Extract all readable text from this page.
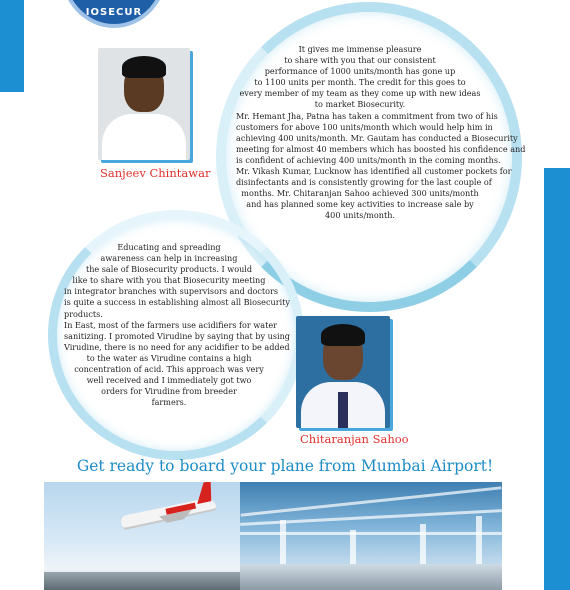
IOSECUR
Sanjeev Chintawar
It gives me immense pleasure
to share with you that our consistent
performance of 1000 units/month has gone up
to 1100 units per month. The credit for this goes to
every member of my team as they come up with new ideas
to market Biosecurity.
Mr. Hemant Jha, Patna has taken a commitment from two of his
customers for above 100 units/month which would help him in
achieving 400 units/month. Mr. Gautam has conducted a Biosecurity
meeting for almost 40 members which has boosted his confidence and
is confident of achieving 400 units/month in the coming months.
Mr. Vikash Kumar, Lucknow has identified all customer pockets for
disinfectants and is consistently growing for the last couple of
months. Mr. Chitaranjan Sahoo achieved 300 units/month
and has planned some key activities to increase sale by
400 units/month.
Educating and spreading
awareness can help in increasing
the sale of Biosecurity products. I would
like to share with you that Biosecurity meeting
in integrator branches with supervisors and doctors
is quite a success in establishing almost all Biosecurity
products.
In East, most of the farmers use acidifiers for water
sanitizing. I promoted Virudine by saying that by using
Virudine, there is no need for any acidifier to be added
to the water as Virudine contains a high
concentration of acid. This approach was very
well received and I immediately got two
orders for Virudine from breeder
farmers.
Chitaranjan Sahoo
Get ready to board your plane from Mumbai Airport!
